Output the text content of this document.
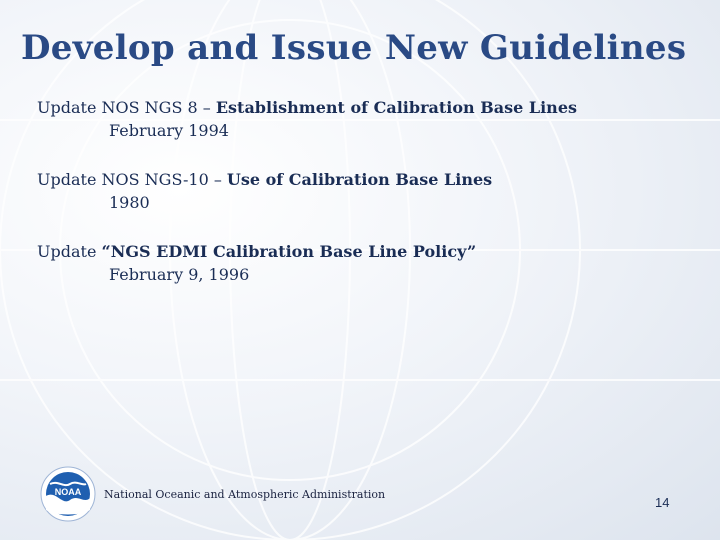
Develop and Issue New Guidelines
Update NOS NGS 8 – Establishment of Calibration Base Lines
February 1994
Update NOS NGS-10 – Use of Calibration Base Lines
1980
Update “NGS EDMI Calibration Base Line Policy”
February 9, 1996
NOAA National Oceanic and Atmospheric Administration
14
